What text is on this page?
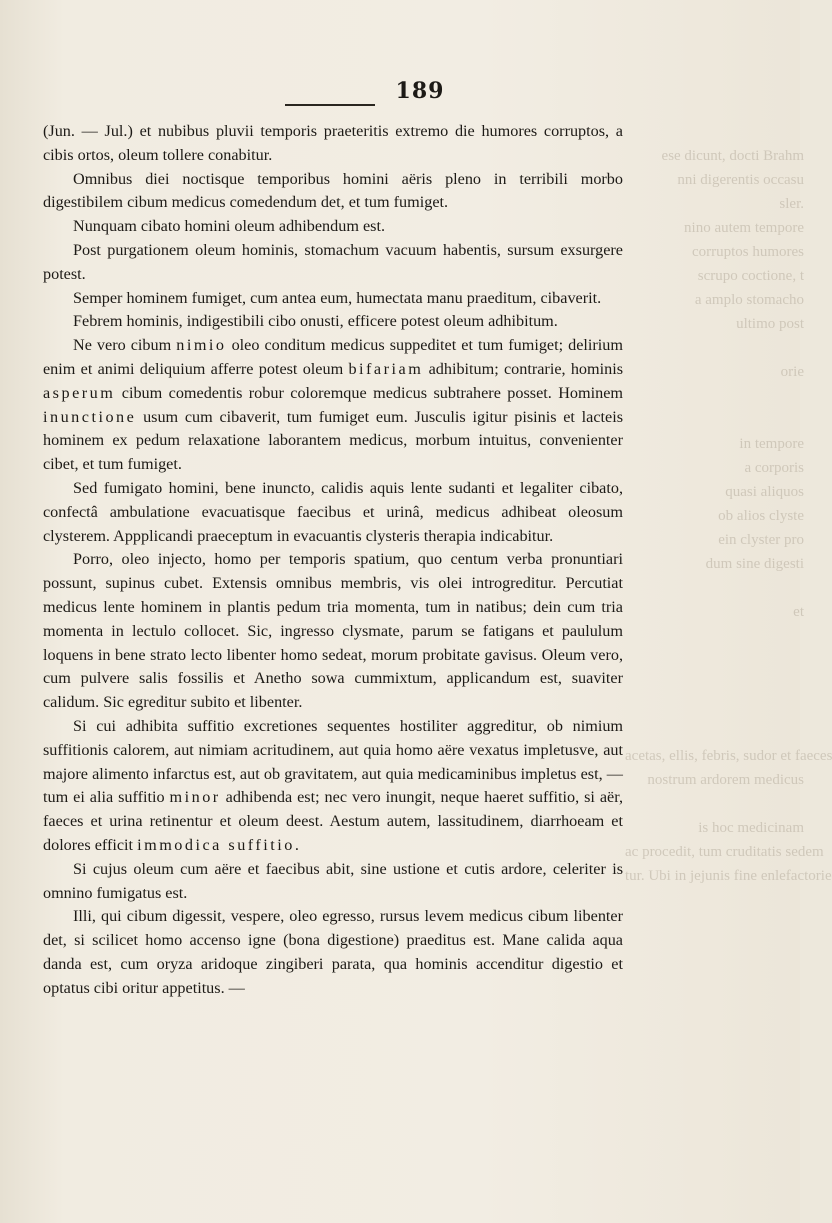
189

(Jun. — Jul.) et nubibus pluvii temporis praeteritis extremo die humores corruptos, a cibis ortos, oleum tollere conabitur.

Omnibus diei noctisque temporibus homini aëris pleno in terribili morbo digestibilem cibum medicus comedendum det, et tum fumiget.

Nunquam cibato homini oleum adhibendum est.

Post purgationem oleum hominis, stomachum vacuum habentis, sursum exsurgere potest.

Semper hominem fumiget, cum antea eum, humectata manu praeditum, cibaverit.

Febrem hominis, indigestibili cibo onusti, efficere potest oleum adhibitum.

Ne vero cibum nimio oleo conditum medicus suppeditet et tum fumiget; delirium enim et animi deliquium afferre potest oleum bifariam adhibitum; contrarie, hominis asperum cibum comedentis robur coloremque medicus subtrahere posset. Hominem inunctione usum cum cibaverit, tum fumiget eum. Jusculis igitur pisinis et lacteis hominem ex pedum relaxatione laborantem medicus, morbum intuitus, convenienter cibet, et tum fumiget.

Sed fumigato homini, bene inuncto, calidis aquis lente sudanti et legaliter cibato, confectâ ambulatione evacuatisque faecibus et urinâ, medicus adhibeat oleosum clysterem. Appplicandi praeceptum in evacuantis clysteris therapia indicabitur.

Porro, oleo injecto, homo per temporis spatium, quo centum verba pronuntiari possunt, supinus cubet. Extensis omnibus membris, vis olei introgreditur. Percutiat medicus lente hominem in plantis pedum tria momenta, tum in natibus; dein cum tria momenta in lectulo collocet. Sic, ingresso clysmate, parum se fatigans et paululum loquens in bene strato lecto libenter homo sedeat, morum probitate gavisus. Oleum vero, cum pulvere salis fossilis et Anetho sowa cummixtum, applicandum est, suaviter calidum. Sic egreditur subito et libenter.

Si cui adhibita suffitio excretiones sequentes hostiliter aggreditur, ob nimium suffitionis calorem, aut nimiam acritudinem, aut quia homo aëre vexatus impletusve, aut majore alimento infarctus est, aut ob gravitatem, aut quia medicaminibus impletus est, — tum ei alia suffitio minor adhibenda est; nec vero inungit, neque haeret suffitio, si aër, faeces et urina retinentur et oleum deest. Aestum autem, lassitudinem, diarrhoeam et dolores efficit immodica suffitio.

Si cujus oleum cum aëre et faecibus abit, sine ustione et cutis ardore, celeriter is omnino fumigatus est.

Illi, qui cibum digessit, vespere, oleo egresso, rursus levem medicus cibum libenter det, si scilicet homo accenso igne (bona digestione) praeditus est. Mane calida aqua danda est, cum oryza aridoque zingiberi parata, qua hominis accenditur digestio et optatus cibi oritur appetitus. —

ese dicunt, docti Brahm
nni digerentis occasu
sler.
nino autem tempore
corruptos humores
scrupo coctione, t
a amplo stomacho
ultimo post

orie

in tempore
a corporis
quasi aliquos
ob alios clyste
ein clyster pro
dum sine digesti

et

acetas, ellis, febris, sudor et faeces
nostrum ardorem medicus

is hoc medicinam
ac procedit, tum cruditatis sedem
tur. Ubi in jejunis fine enlefactorie
